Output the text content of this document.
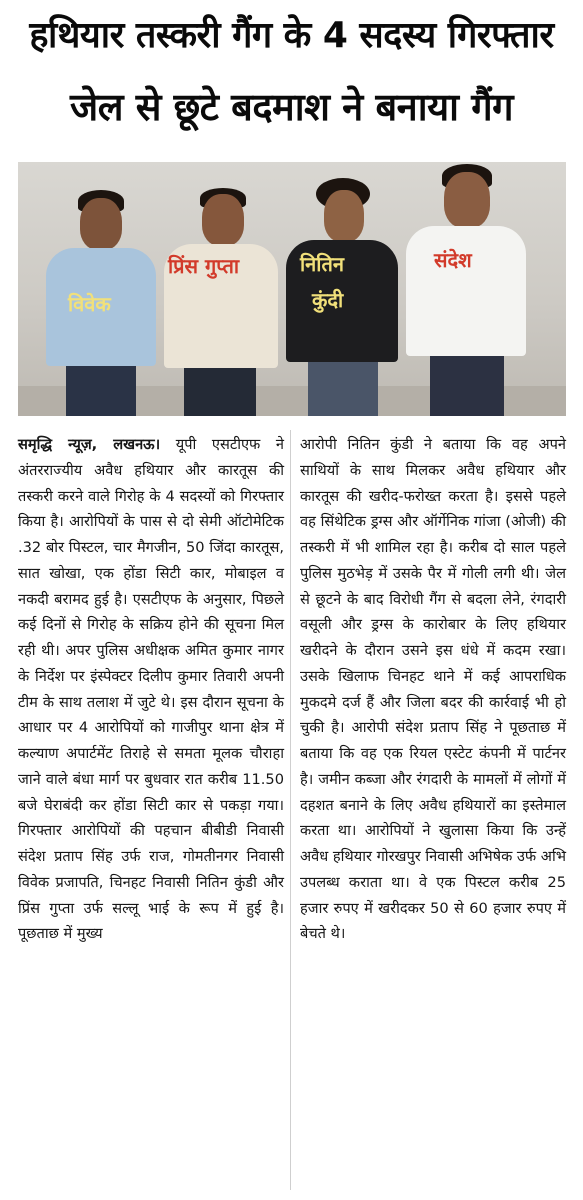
हथियार तस्करी गैंग के 4 सदस्य गिरफ्तार
जेल से छूटे बदमाश ने बनाया गैंग
विवेक
प्रिंस गुप्ता	नितिन
कुंदी
संदेश
समृद्धि न्यूज़, लखनऊ। यूपी एसटीएफ ने अंतरराज्यीय अवैध हथियार और कारतूस की तस्करी करने वाले गिरोह के 4 सदस्यों को गिरफ्तार किया है। आरोपियों के पास से दो सेमी ऑटोमेटिक .32 बोर पिस्टल, चार मैगजीन, 50 जिंदा कारतूस, सात खोखा, एक होंडा सिटी कार, मोबाइल व नकदी बरामद हुई है। एसटीएफ के अनुसार, पिछले कई दिनों से गिरोह के सक्रिय होने की सूचना मिल रही थी। अपर पुलिस अधीक्षक अमित कुमार नागर के निर्देश पर इंस्पेक्टर दिलीप कुमार तिवारी अपनी टीम के साथ तलाश में जुटे थे। इस दौरान सूचना के आधार पर 4 आरोपियों को गाजीपुर थाना क्षेत्र में कल्याण अपार्टमेंट तिराहे से समता मूलक चौराहा जाने वाले बंधा मार्ग पर बुधवार रात करीब 11.50 बजे घेराबंदी कर होंडा सिटी कार से पकड़ा गया। गिरफ्तार आरोपियों की पहचान बीबीडी निवासी संदेश प्रताप सिंह उर्फ राज, गोमतीनगर निवासी विवेक प्रजापति, चिनहट निवासी नितिन कुंडी और प्रिंस गुप्ता उर्फ सल्लू भाई के रूप में हुई है। पूछताछ में मुख्य
आरोपी नितिन कुंडी ने बताया कि वह अपने साथियों के साथ मिलकर अवैध हथियार और कारतूस की खरीद-फरोख्त करता है। इससे पहले वह सिंथेटिक ड्रग्स और ऑर्गेनिक गांजा (ओजी) की तस्करी में भी शामिल रहा है। करीब दो साल पहले पुलिस मुठभेड़ में उसके पैर में गोली लगी थी। जेल से छूटने के बाद विरोधी गैंग से बदला लेने, रंगदारी वसूली और ड्रग्स के कारोबार के लिए हथियार खरीदने के दौरान उसने इस धंधे में कदम रखा। उसके खिलाफ चिनहट थाने में कई आपराधिक मुकदमे दर्ज हैं और जिला बदर की कार्रवाई भी हो चुकी है। आरोपी संदेश प्रताप सिंह ने पूछताछ में बताया कि वह एक रियल एस्टेट कंपनी में पार्टनर है। जमीन कब्जा और रंगदारी के मामलों में लोगों में दहशत बनाने के लिए अवैध हथियारों का इस्तेमाल करता था। आरोपियों ने खुलासा किया कि उन्हें अवैध हथियार गोरखपुर निवासी अभिषेक उर्फ अभि उपलब्ध कराता था। वे एक पिस्टल करीब 25 हजार रुपए में खरीदकर 50 से 60 हजार रुपए में बेचते थे।
